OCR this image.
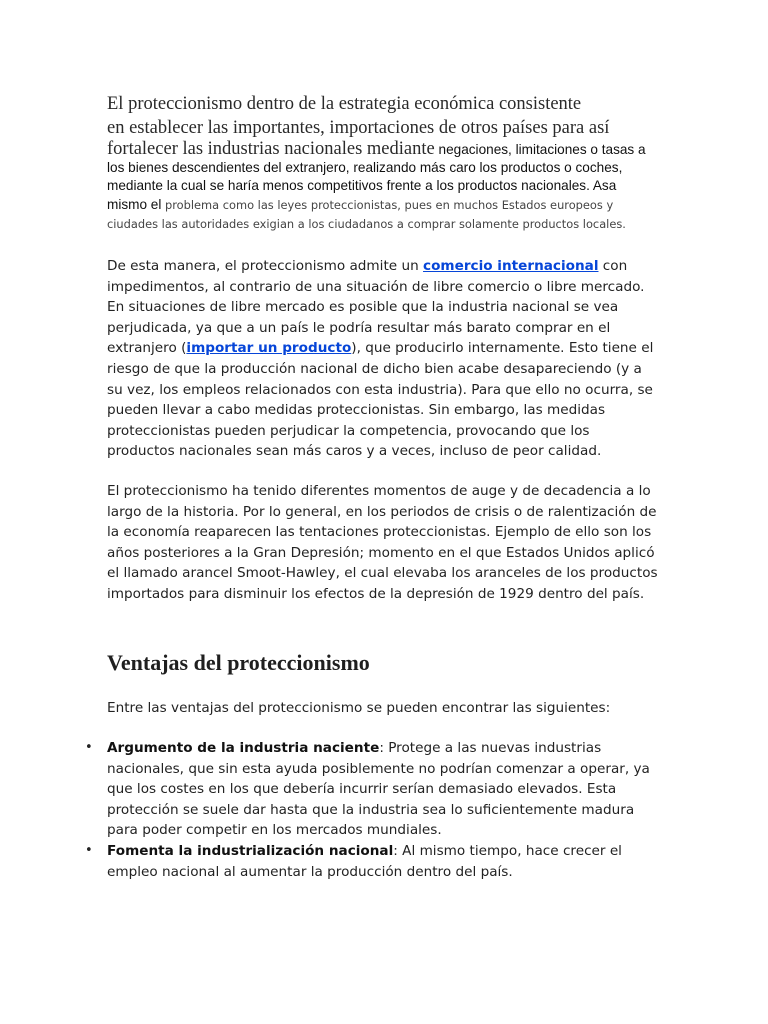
El proteccionismo dentro de la estrategia económica consistente
en establecer las importantes, importaciones de otros países para así
fortalecer las industrias nacionales mediante negaciones, limitaciones o tasas a
los bienes descendientes del extranjero, realizando más caro los productos o coches,
mediante la cual se haría menos competitivos frente a los productos nacionales. Asa
mismo el problema como las leyes proteccionistas, pues en muchos Estados europeos y
ciudades las autoridades exigian a los ciudadanos a comprar solamente productos locales.

De esta manera, el proteccionismo admite un comercio internacional con impedimentos, al contrario de una situación de libre comercio o libre mercado. En situaciones de libre mercado es posible que la industria nacional se vea perjudicada, ya que a un país le podría resultar más barato comprar en el extranjero (importar un producto), que producirlo internamente. Esto tiene el riesgo de que la producción nacional de dicho bien acabe desapareciendo (y a su vez, los empleos relacionados con esta industria). Para que ello no ocurra, se pueden llevar a cabo medidas proteccionistas. Sin embargo, las medidas proteccionistas pueden perjudicar la competencia, provocando que los productos nacionales sean más caros y a veces, incluso de peor calidad.

El proteccionismo ha tenido diferentes momentos de auge y de decadencia a lo largo de la historia. Por lo general, en los periodos de crisis o de ralentización de la economía reaparecen las tentaciones proteccionistas. Ejemplo de ello son los años posteriores a la Gran Depresión; momento en el que Estados Unidos aplicó el llamado arancel Smoot-Hawley, el cual elevaba los aranceles de los productos importados para disminuir los efectos de la depresión de 1929 dentro del país.

Ventajas del proteccionismo

Entre las ventajas del proteccionismo se pueden encontrar las siguientes:

• Argumento de la industria naciente: Protege a las nuevas industrias nacionales, que sin esta ayuda posiblemente no podrían comenzar a operar, ya que los costes en los que debería incurrir serían demasiado elevados. Esta protección se suele dar hasta que la industria sea lo suficientemente madura para poder competir en los mercados mundiales.
• Fomenta la industrialización nacional: Al mismo tiempo, hace crecer el empleo nacional al aumentar la producción dentro del país.
